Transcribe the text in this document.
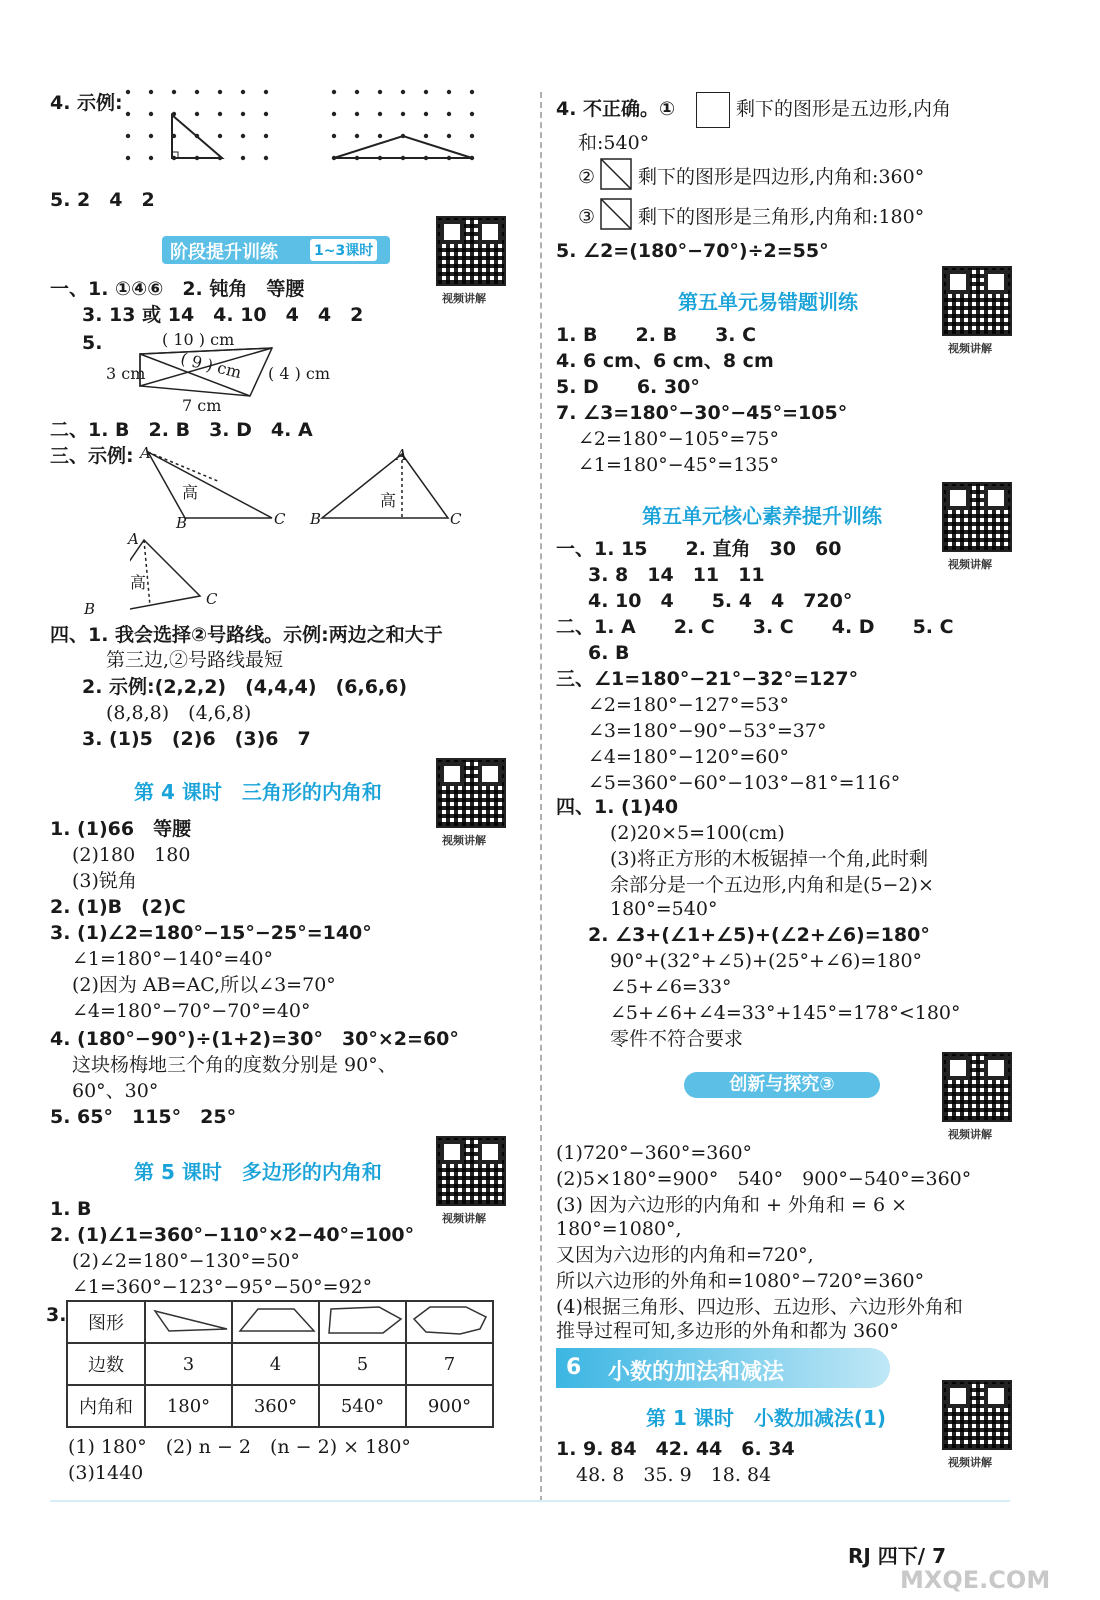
4. 示例:
5. 2　4　2
阶段提升训练	1~3课时
视频讲解
一、1. ①④⑥　2. 钝角　等腰
3. 13 或 14　4. 10　4　4　2
5.	( 10 ) cm
3 cm ( 9 ) cm ( 4 ) cm
7 cm
二、1. B　2. B　3. D　4. A
三、示例: A
B	C
高
A
B	C
高
A
B
C
高
四、1. 我会选择②号路线。示例:两边之和大于
第三边,②号路线最短
2. 示例:(2,2,2)　(4,4,4)　(6,6,6)
(8,8,8)　(4,6,8)
3. (1)5　(2)6　(3)6　7
第 4 课时　三角形的内角和
视频讲解
1. (1)66　等腰
(2)180　180
(3)锐角
2. (1)B　(2)C
3. (1)∠2=180°−15°−25°=140°
∠1=180°−140°=40°
(2)因为 AB=AC,所以∠3=70°
∠4=180°−70°−70°=40°
4. (180°−90°)÷(1+2)=30°　30°×2=60°
这块杨梅地三个角的度数分别是 90°、
60°、30°
5. 65°　115°　25°
第 5 课时　多边形的内角和
视频讲解
1. B
2. (1)∠1=360°−110°×2−40°=100°
(2)∠2=180°−130°=50°
∠1=360°−123°−95°−50°=92°
3. 图形				
边数	3	4	5	7
内角和	180°	360°	540°	900°
(1) 180°　(2) n − 2　(n − 2) × 180°
(3)1440
4. 不正确。①	剩下的图形是五边形,内角
和:540°
② 剩下的图形是四边形,内角和:360°
③ 剩下的图形是三角形,内角和:180°
5. ∠2=(180°−70°)÷2=55°
第五单元易错题训练
视频讲解
1. B　　2. B　　3. C
4. 6 cm、6 cm、8 cm
5. D　　6. 30°
7. ∠3=180°−30°−45°=105°
∠2=180°−105°=75°
∠1=180°−45°=135°
第五单元核心素养提升训练
视频讲解
一、1. 15　　2. 直角　30　60
3. 8　14　11　11
4. 10　4　　5. 4　4　720°
二、1. A　　2. C　　3. C　　4. D　　5. C
6. B
三、∠1=180°−21°−32°=127°
∠2=180°−127°=53°
∠3=180°−90°−53°=37°
∠4=180°−120°=60°
∠5=360°−60°−103°−81°=116°
四、1. (1)40
(2)20×5=100(cm)
(3)将正方形的木板锯掉一个角,此时剩
余部分是一个五边形,内角和是(5−2)×
180°=540°
2. ∠3+(∠1+∠5)+(∠2+∠6)=180°
90°+(32°+∠5)+(25°+∠6)=180°
∠5+∠6=33°
∠5+∠6+∠4=33°+145°=178°<180°
零件不符合要求
创新与探究③
视频讲解
(1)720°−360°=360°
(2)5×180°=900°　540°　900°−540°=360°
(3) 因为六边形的内角和 + 外角和 = 6 ×
180°=1080°,
又因为六边形的内角和=720°,
所以六边形的外角和=1080°−720°=360°
(4)根据三角形、四边形、五边形、六边形外角和
推导过程可知,多边形的外角和都为 360°
6 小数的加法和减法
第 1 课时　小数加减法(1)
视频讲解
1. 9. 84　42. 44　6. 34
48. 8　35. 9　18. 84
RJ 四下/ 7
MXQE.COM
